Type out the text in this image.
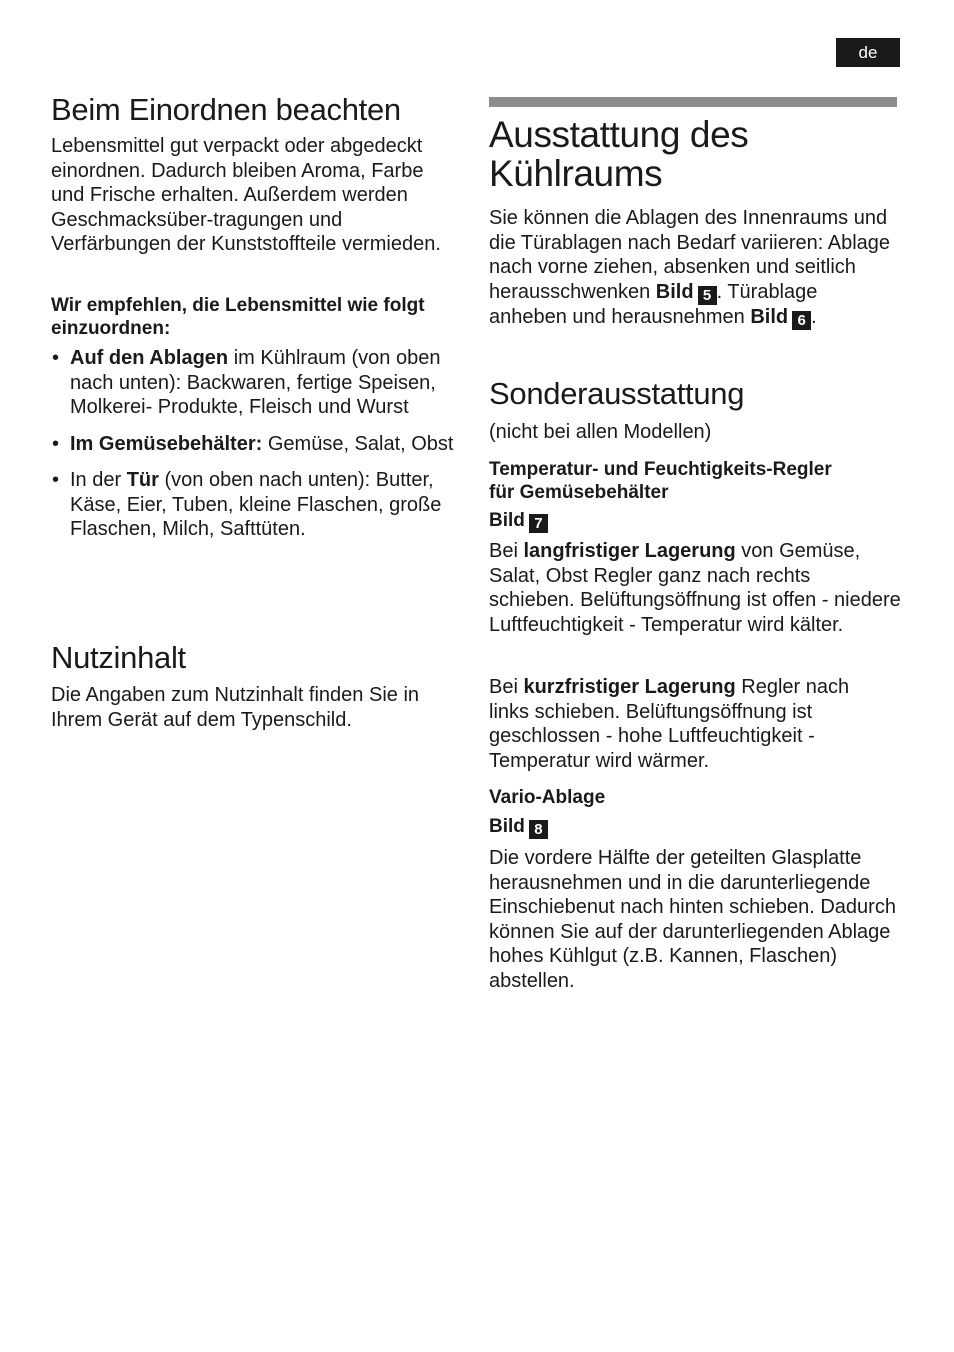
de
Beim Einordnen beachten

Lebensmittel gut verpackt oder abgedeckt einordnen. Dadurch bleiben Aroma, Farbe und Frische erhalten. Außerdem werden Geschmacksüber-tragungen und Verfärbungen der Kunststoffteile vermieden.

Wir empfehlen, die Lebensmittel wie folgt einzuordnen:

• Auf den Ablagen im Kühlraum (von oben nach unten): Backwaren, fertige Speisen, Molkerei- Produkte, Fleisch und Wurst
• Im Gemüsebehälter: Gemüse, Salat, Obst
• In der Tür (von oben nach unten): Butter, Käse, Eier, Tuben, kleine Flaschen, große Flaschen, Milch, Safttüten.
Nutzinhalt

Die Angaben zum Nutzinhalt finden Sie in Ihrem Gerät auf dem Typenschild.

Ausstattung des Kühlraums

Sie können die Ablagen des Innenraums und die Türablagen nach Bedarf variieren: Ablage nach vorne ziehen, absenken und seitlich herausschwenken Bild 5 . Türablage anheben und herausnehmen Bild 6 .

Sonderausstattung

(nicht bei allen Modellen)

Temperatur- und Feuchtigkeits-Regler für Gemüsebehälter

Bild 7

Bei langfristiger Lagerung von Gemüse, Salat, Obst Regler ganz nach rechts schieben. Belüftungsöffnung ist offen - niedere Luftfeuchtigkeit - Temperatur wird kälter.

Bei kurzfristiger Lagerung Regler nach links schieben. Belüftungsöffnung ist geschlossen - hohe Luftfeuchtigkeit - Temperatur wird wärmer.

Vario-Ablage

Bild 8

Die vordere Hälfte der geteilten Glasplatte herausnehmen und in die darunterliegende Einschiebenut nach hinten schieben. Dadurch können Sie auf der darunterliegenden Ablage hohes Kühlgut (z.B. Kannen, Flaschen) abstellen.
